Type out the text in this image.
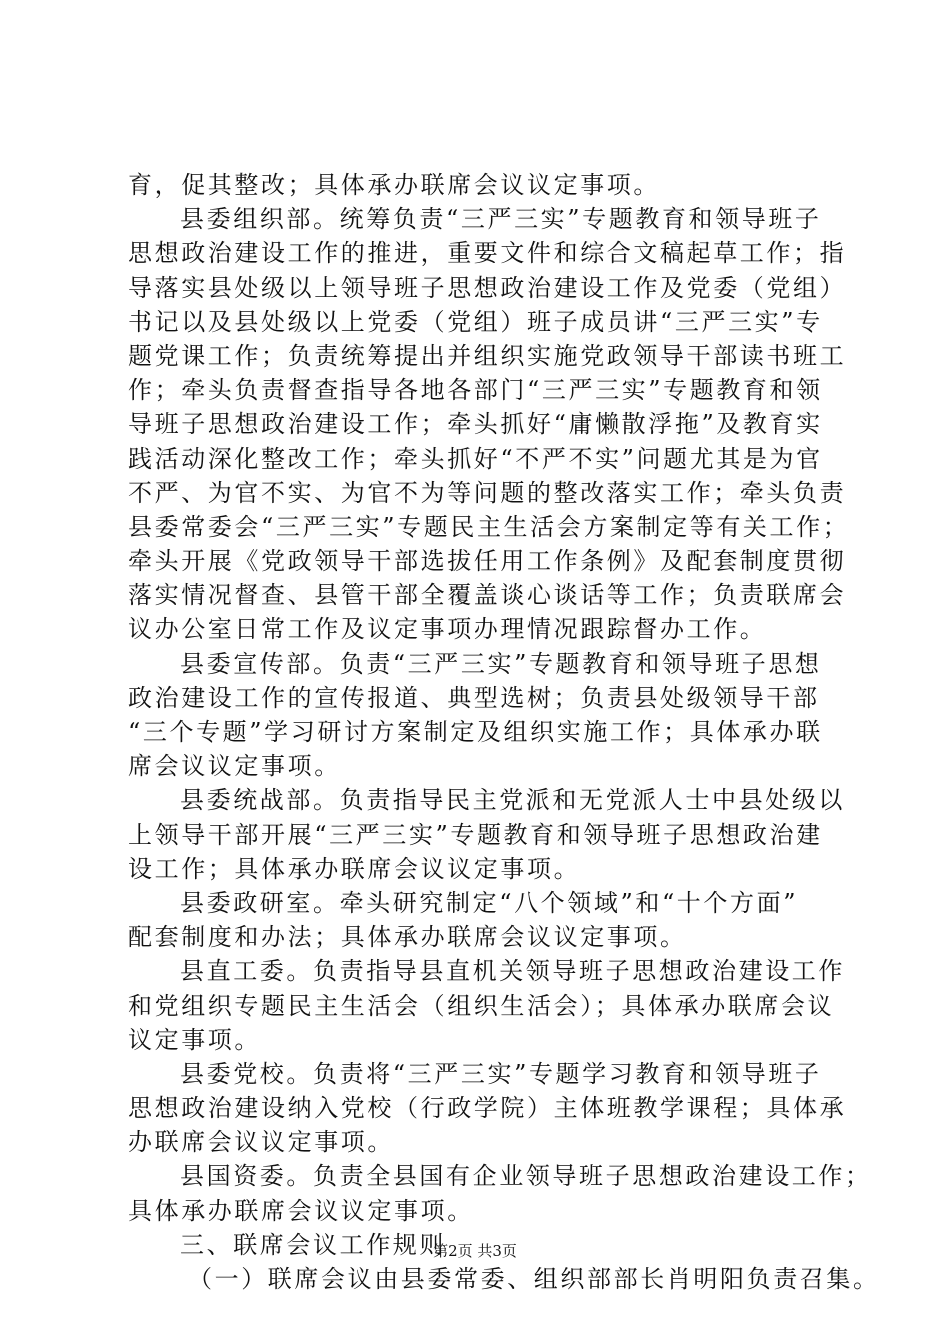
育，促其整改；具体承办联席会议议定事项。
县委组织部。统筹负责“三严三实”专题教育和领导班子
思想政治建设工作的推进，重要文件和综合文稿起草工作；指
导落实县处级以上领导班子思想政治建设工作及党委（党组）
书记以及县处级以上党委（党组）班子成员讲“三严三实”专
题党课工作；负责统筹提出并组织实施党政领导干部读书班工
作；牵头负责督查指导各地各部门“三严三实”专题教育和领
导班子思想政治建设工作；牵头抓好“庸懒散浮拖”及教育实
践活动深化整改工作；牵头抓好“不严不实”问题尤其是为官
不严、为官不实、为官不为等问题的整改落实工作；牵头负责
县委常委会“三严三实”专题民主生活会方案制定等有关工作；
牵头开展《党政领导干部选拔任用工作条例》及配套制度贯彻
落实情况督查、县管干部全覆盖谈心谈话等工作；负责联席会
议办公室日常工作及议定事项办理情况跟踪督办工作。
县委宣传部。负责“三严三实”专题教育和领导班子思想
政治建设工作的宣传报道、典型选树；负责县处级领导干部
“三个专题”学习研讨方案制定及组织实施工作；具体承办联
席会议议定事项。
县委统战部。负责指导民主党派和无党派人士中县处级以
上领导干部开展“三严三实”专题教育和领导班子思想政治建
设工作；具体承办联席会议议定事项。
县委政研室。牵头研究制定“八个领域”和“十个方面”
配套制度和办法；具体承办联席会议议定事项。
县直工委。负责指导县直机关领导班子思想政治建设工作
和党组织专题民主生活会（组织生活会）；具体承办联席会议
议定事项。
县委党校。负责将“三严三实”专题学习教育和领导班子
思想政治建设纳入党校（行政学院）主体班教学课程；具体承
办联席会议议定事项。
县国资委。负责全县国有企业领导班子思想政治建设工作；
具体承办联席会议议定事项。
三、联席会议工作规则
（一）联席会议由县委常委、组织部部长肖明阳负责召集。
第2页 共3页
